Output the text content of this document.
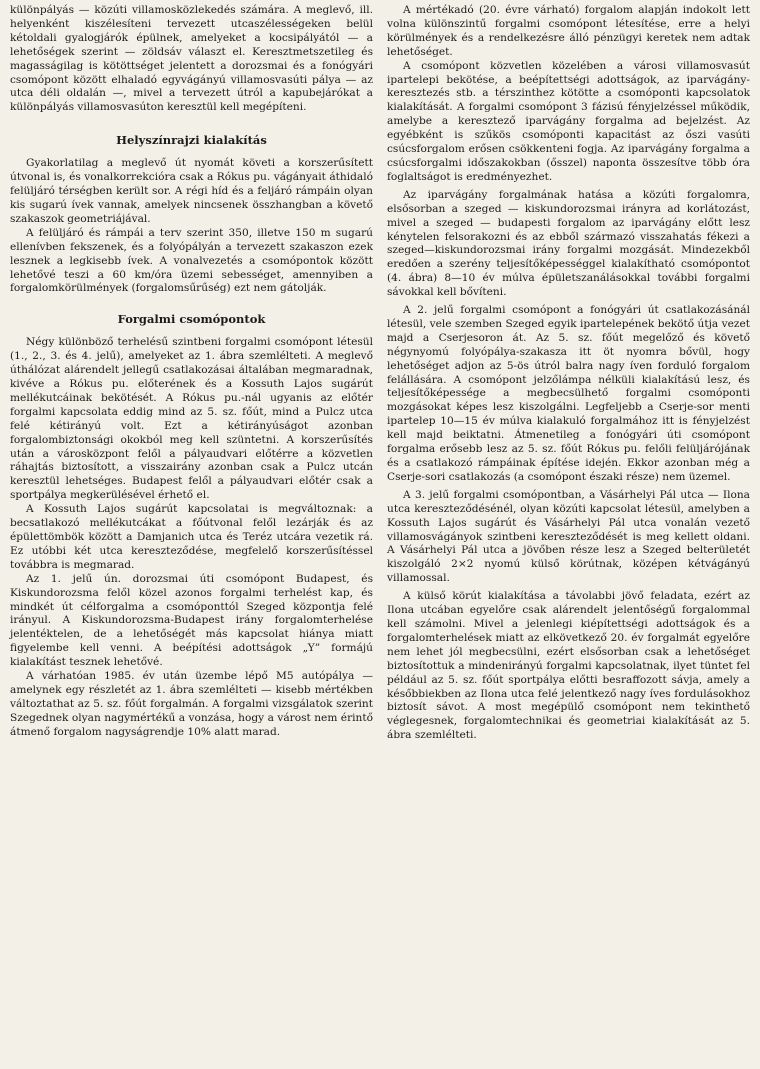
különpályás — közúti villamosközlekedés számára. A meglevő, ill. helyenként kiszélesíteni tervezett utcaszélességeken belül kétoldali gyalogjárók épülnek, amelyeket a kocsipályától — a lehetőségek szerint — zöldsáv választ el. Keresztmetszetileg és magasságilag is kötöttséget jelentett a dorozsmai és a fonógyári csomópont között elhaladó egyvágányú villamosvasúti pálya — az utca déli oldalán —, mivel a tervezett útról a kapubejárókat a különpályás villamosvasúton keresztül kell megépíteni.

Helyszínrajzi kialakítás

Gyakorlatilag a meglevő út nyomát követi a korszerűsített útvonal is, és vonalkorrekcióra csak a Rókus pu. vágányait áthidaló felüljáró térségben került sor. A régi híd és a feljáró rámpáin olyan kis sugarú ívek vannak, amelyek nincsenek összhangban a követő szakaszok geometriájával.

A felüljáró és rámpái a terv szerint 350, illetve 150 m sugarú ellenívben fekszenek, és a folyópályán a tervezett szakaszon ezek lesznek a legkisebb ívek. A vonalvezetés a csomópontok között lehetővé teszi a 60 km/óra üzemi sebességet, amennyiben a forgalomkörülmények (forgalomsűrűség) ezt nem gátolják.

Forgalmi csomópontok

Négy különböző terhelésű szintbeni forgalmi csomópont létesül (1., 2., 3. és 4. jelű), amelyeket az 1. ábra szemlélteti. A meglevő úthálózat alárendelt jellegű csatlakozásai általában megmaradnak, kivéve a Rókus pu. előterének és a Kossuth Lajos sugárút mellékutcáinak bekötését. A Rókus pu.-nál ugyanis az előtér forgalmi kapcsolata eddig mind az 5. sz. főút, mind a Pulcz utca felé kétirányú volt. Ezt a kétirányúságot azonban forgalombiztonsági okokból meg kell szüntetni. A korszerűsítés után a városközpont felől a pályaudvari előtérre a közvetlen ráhajtás biztosított, a visszairány azonban csak a Pulcz utcán keresztül lehetséges. Budapest felől a pályaudvari előtér csak a sportpálya megkerülésével érhető el.

A Kossuth Lajos sugárút kapcsolatai is megváltoznak: a becsatlakozó mellékutcákat a főútvonal felől lezárják és az épülettömbök között a Damjanich utca és Teréz utcára vezetik rá. Ez utóbbi két utca kereszteződése, megfelelő korszerűsítéssel továbbra is megmarad.

Az 1. jelű ún. dorozsmai úti csomópont Budapest, és Kiskundorozsma felől közel azonos forgalmi terhelést kap, és mindkét út célforgalma a csomóponttól Szeged központja felé irányul. A Kiskundorozsma-Budapest irány forgalomterhelése jelentéktelen, de a lehetőségét más kapcsolat hiánya miatt figyelembe kell venni. A beépítési adottságok „Y” formájú kialakítást tesznek lehetővé.

A várhatóan 1985. év után üzembe lépő M5 autópálya — amelynek egy részletét az 1. ábra szemlélteti — kisebb mértékben változtathat az 5. sz. főút forgalmán. A forgalmi vizsgálatok szerint Szegednek olyan nagymértékű a vonzása, hogy a várost nem érintő átmenő forgalom nagyságrendje 10% alatt marad.

A mértékadó (20. évre várható) forgalom alapján indokolt lett volna különszintű forgalmi csomópont létesítése, erre a helyi körülmények és a rendelkezésre álló pénzügyi keretek nem adtak lehetőséget.

A csomópont közvetlen közelében a városi villamosvasút ipartelepi bekötése, a beépítettségi adottságok, az iparvágány-keresztezés stb. a térszinthez kötötte a csomóponti kapcsolatok kialakítását. A forgalmi csomópont 3 fázisú fényjelzéssel működik, amelybe a keresztező iparvágány forgalma ad bejelzést. Az egyébként is szűkös csomóponti kapacitást az őszi vasúti csúcsforgalom erősen csökkenteni fogja. Az iparvágány forgalma a csúcsforgalmi időszakokban (ősszel) naponta összesítve több óra foglaltságot is eredményezhet.

Az iparvágány forgalmának hatása a közúti forgalomra, elsősorban a szeged — kiskundorozsmai irányra ad korlátozást, mivel a szeged — budapesti forgalom az iparvágány előtt lesz kénytelen felsorakozni és az ebből származó visszahatás fékezi a szeged—kiskundorozsmai irány forgalmi mozgását. Mindezekből eredően a szerény teljesítőképességgel kialakítható csomópontot (4. ábra) 8—10 év múlva épületszanálásokkal további forgalmi sávokkal kell bővíteni.

A 2. jelű forgalmi csomópont a fonógyári út csatlakozásánál létesül, vele szemben Szeged egyik ipartelepének bekötő útja vezet majd a Cserjesoron át. Az 5. sz. főút megelőző és követő négynyomú folyópálya-szakasza itt öt nyomra bővül, hogy lehetőséget adjon az 5-ös útról balra nagy íven forduló forgalom felállására. A csomópont jelzőlámpa nélküli kialakítású lesz, és teljesítőképessége a megbecsülhető forgalmi csomóponti mozgásokat képes lesz kiszolgálni. Legfeljebb a Cserje-sor menti ipartelep 10—15 év múlva kialakuló forgalmához itt is fényjelzést kell majd beiktatni. Átmenetileg a fonógyári úti csomópont forgalma erősebb lesz az 5. sz. főút Rókus pu. felőli felüljárójának és a csatlakozó rámpáinak építése idején. Ekkor azonban még a Cserje-sori csatlakozás (a csomópont északi része) nem üzemel.

A 3. jelű forgalmi csomópontban, a Vásárhelyi Pál utca — Ilona utca kereszteződésénél, olyan közúti kapcsolat létesül, amelyben a Kossuth Lajos sugárút és Vásárhelyi Pál utca vonalán vezető villamosvágányok szintbeni kereszteződését is meg kellett oldani. A Vásárhelyi Pál utca a jövőben része lesz a Szeged belterületét kiszolgáló 2×2 nyomú külső körútnak, középen kétvágányú villamossal.

A külső körút kialakítása a távolabbi jövő feladata, ezért az Ilona utcában egyelőre csak alárendelt jelentőségű forgalommal kell számolni. Mivel a jelenlegi kiépítettségi adottságok és a forgalomterhelések miatt az elkövetkező 20. év forgalmát egyelőre nem lehet jól megbecsülni, ezért elsősorban csak a lehetőséget biztosítottuk a mindenirányú forgalmi kapcsolatnak, ilyet tüntet fel például az 5. sz. főút sportpálya előtti besraffozott sávja, amely a későbbiekben az Ilona utca felé jelentkező nagy íves fordulásokhoz biztosít sávot. A most megépülő csomópont nem tekinthető véglegesnek, forgalomtechnikai és geometriai kialakítását az 5. ábra szemlélteti.
